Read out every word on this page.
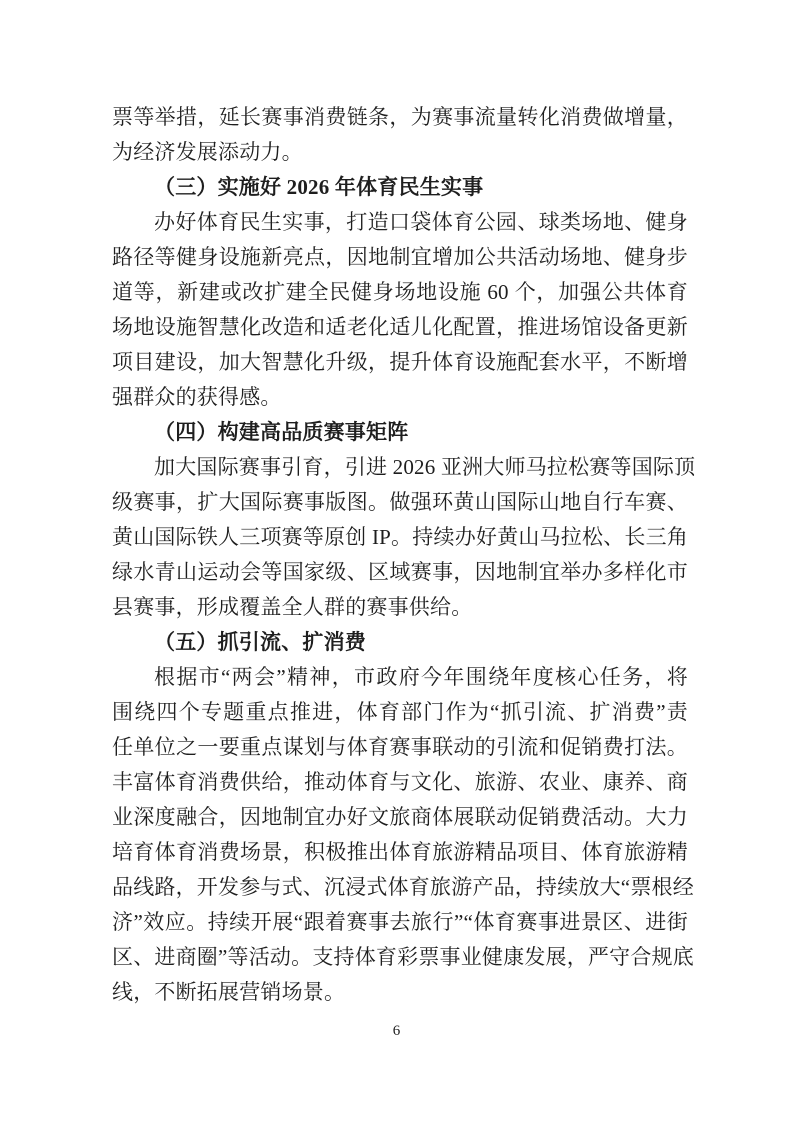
票等举措，延长赛事消费链条，为赛事流量转化消费做增量，
为经济发展添动力。
（三）实施好 2026 年体育民生实事
办好体育民生实事，打造口袋体育公园、球类场地、健身
路径等健身设施新亮点，因地制宜增加公共活动场地、健身步
道等，新建或改扩建全民健身场地设施 60 个，加强公共体育
场地设施智慧化改造和适老化适儿化配置，推进场馆设备更新
项目建设，加大智慧化升级，提升体育设施配套水平，不断增
强群众的获得感。
（四）构建高品质赛事矩阵
加大国际赛事引育，引进 2026 亚洲大师马拉松赛等国际顶
级赛事，扩大国际赛事版图。做强环黄山国际山地自行车赛、
黄山国际铁人三项赛等原创 IP。持续办好黄山马拉松、长三角
绿水青山运动会等国家级、区域赛事，因地制宜举办多样化市
县赛事，形成覆盖全人群的赛事供给。
（五）抓引流、扩消费
根据市“两会”精神，市政府今年围绕年度核心任务，将
围绕四个专题重点推进，体育部门作为“抓引流、扩消费”责
任单位之一要重点谋划与体育赛事联动的引流和促销费打法。
丰富体育消费供给，推动体育与文化、旅游、农业、康养、商
业深度融合，因地制宜办好文旅商体展联动促销费活动。大力
培育体育消费场景，积极推出体育旅游精品项目、体育旅游精
品线路，开发参与式、沉浸式体育旅游产品，持续放大“票根经
济”效应。持续开展“跟着赛事去旅行”“体育赛事进景区、进街
区、进商圈”等活动。支持体育彩票事业健康发展，严守合规底
线，不断拓展营销场景。
6
